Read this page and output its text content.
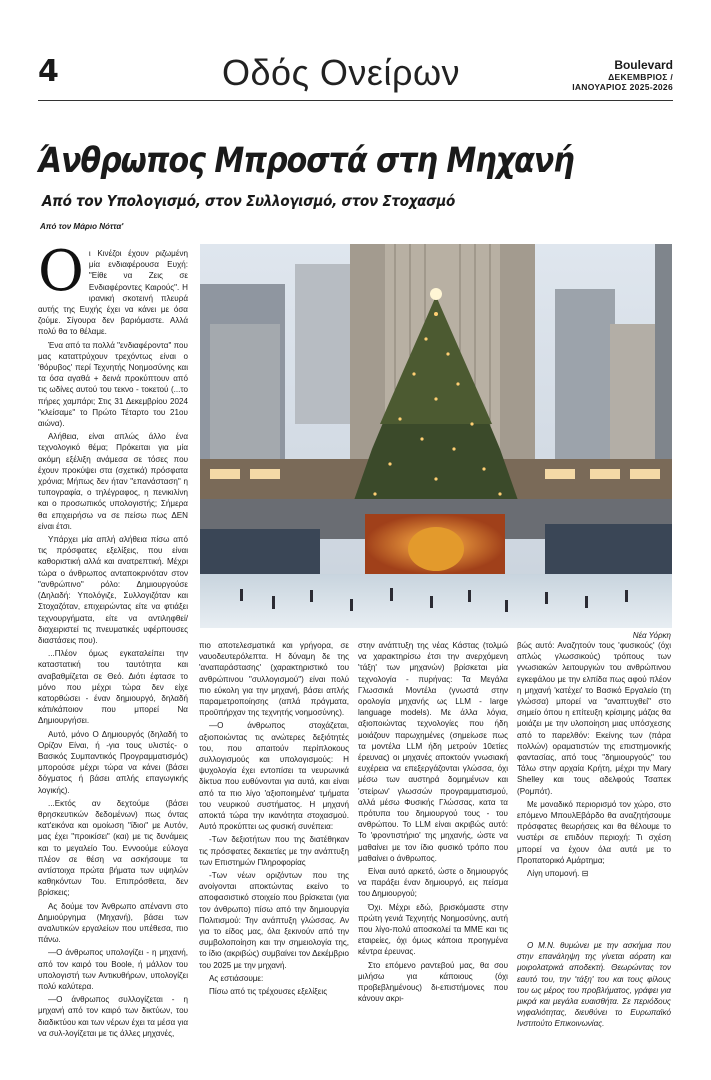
4	Οδός Ονείρων	Boulevard
ΔΕΚΕΜΒΡΙΟΣ /
ΙΑΝΟΥΑΡΙΟΣ 2025-2026
Άνθρωπος Μπροστά στη Μηχανή
Από τον Υπολογισμό, στον Συλλογισμό, στον Στοχασμό
Από τον Μάριο Νόττα'
Νέα Υόρκη
Ο ι Κινέζοι έχουν ριζωμένη μία ενδιαφέρουσα Ευχή: "Είθε να Ζεις σε Ενδιαφέροντες Καιρούς". Η ιρανική σκοτεινή πλευρά αυτής της Ευχής έχει να κάνει με όσα ζούμε. Σίγουρα δεν βαριόμαστε. Αλλά πολύ θα το θέλαμε.

Ένα από τα πολλά "ενδιαφέροντα" που μας καταττρύχουν τρεχόντως είναι ο 'θόρυβος' περί Τεχνητής Νοημοσύνης και τα όσα αγαθά + δεινά προκύπτουν από τις ωδίνες αυτού του τεκνο - τοκετού (...το πήρες χαμπάρι; Στις 31 Δεκεμβρίου 2024 "κλείσαμε" το Πρώτο Τέταρτο του 21ου αιώνα).

Αλήθεια, είναι απλώς άλλο ένα τεχνολογικό θέμα; Πρόκειται για μία ακόμη εξέλιξη ανάμεσα σε τόσες που έχουν προκύψει στα (σχετικά) πρόσφατα χρόνια; Μήπως δεν ήταν "επανάσταση" η τυπογραφία, ο τηλέγραφος, η πενικιλίνη και ο προσωπικός υπολογιστής; Σήμερα θα επιχειρήσω να σε πείσω πως ΔΕΝ είναι έτσι.

Υπάρχει μία απλή αλήθεια πίσω από τις πρόσφατες εξελίξεις, που είναι καθοριστική αλλά και ανατρεπτική. Μέχρι τώρα ο άνθρωπος ανταποκρινόταν στον "ανθρώπινο" ρόλο: Δημιουργούσε (Δηλαδή: Υπολόγιζε, Συλλογιζόταν και Στοχαζόταν, επιχειρώντας είτε να φτιάξει τεχνουργήματα, είτε να αντιληφθεί/διαχειριστεί τις πνευματικές υφέρπουσες διαστάσεις που).

...Πλέον όμως εγκαταλείπει την καταστατική του ταυτότητα και αναβαθμίζεται σε Θεό. Διότι έφτασε το μόνο που μέχρι τώρα δεν είχε κατορθώσει - έναν δημιουργό, δηλαδή κάτι/κάποιον που μπορεί Να Δημιουργήσει.

Αυτό, μόνο Ο Δημιουργός (δηλαδή το Ορίζον Είναι, ή -για τους υλιστές- ο Βασικός Συμπαντικός Προγραμματισμός) μπορούσε μέχρι τώρα να κάνει (βάσει δόγματος ή βάσει απλής επαγωγικής λογικής).

...Εκτός αν δεχτούμε (βάσει θρησκευτικών δεδομένων) πως όντας κατ'εικόνα και ομοίωση "ίδιοι" με Αυτόν, μας έχει "προικίσει" (και) με τις δυνάμεις και το μεγαλείο Του. Εννοούμε εύλογα πλέον σε θέση να ασκήσουμε τα αντίστοιχα πρώτα βήματα των υψηλών καθηκόντων Του. Επιπρόσθετα, δεν βρίσκεις;

Ας δούμε τον Άνθρωπο απέναντι στο Δημιούργημα (Μηχανή), βάσει των αναλυτικών εργαλείων που υπέθεσα, πιο πάνω.

—Ο άνθρωπος υπολογίζει - η μηχανή, από τον καιρό του Boole, ή μάλλον του υπολογιστή των Αντικυθήρων, υπολογίζει πολύ καλύτερα.

—Ο άνθρωπος συλλογίζεται - η μηχανή από τον καιρό των δικτύων, του διαδικτύου και των νέρων έχει τα μέσα για να συλ-λογίζεται με τις άλλες μηχανές,

πιο αποτελεσματικά και γρήγορα, σε ναυοδευτερόλεπτα. Η δύναμη δε της 'αναπαράστασης' (χαρακτηριστικό του ανθρώπινου "συλλογισμού") είναι πολύ πιο εύκολη για την μηχανή, βάσει απλής παραμετροποίησης (απλά πράγματα, προϋπήρχαν της τεχνητής νοημοσύνης).

—Ο άνθρωπος στοχάζεται, αξιοποιώντας τις ανώτερες δεξιότητές του, που απαιτούν περίπλοκους συλλογισμούς και υπολογισμούς: Η ψυχολογία έχει εντοπίσει τα νευρωνικά δίκτυα που ευθύνονται για αυτά, και είναι από τα πιο λίγο 'αξιοποιημένα' τμήματα του νευρικού συστήματος. Η μηχανή αποκτά τώρα την ικανότητα στοχασμού. Αυτό προκύπτει ως φυσική συνέπεια:

-Των δεξιοτήτων που της διατέθηκαν τις πρόσφατες δεκαετίες με την ανάπτυξη των Επιστημών Πληροφορίας

-Των νέων οριζόντων που της ανοίγονται αποκτώντας εκείνο το αποφασιστικό στοιχείο που βρίσκεται (για τον άνθρωπο) πίσω από την δημιουργία Πολιτισμού: Την ανάπτυξη γλώσσας. Αν για το είδος μας, όλα ξεκινούν από την συμβολοποίηση και την σημειολογία της, το ίδιο (ακριβώς) συμβαίνει τον Δεκέμβριο του 2025 με την μηχανή.

Ας εστιάσουμε:

Πίσω από τις τρέχουσες εξελίξεις

στην ανάπτυξη της νέας Κάστας (τολμώ να χαρακτηρίσω έτσι την ανερχόμενη 'τάξη' των μηχανών) βρίσκεται μία τεχνολογία - πυρήνας: Τα Μεγάλα Γλωσσικά Μοντέλα (γνωστά στην ορολογία μηχανής ως LLM - large language models). Με άλλα λόγια, αξιοποιώντας τεχνολογίες που ήδη μοιάζουν παρωχημένες (σημείωσε πως τα μοντέλα LLM ήδη μετρούν 10ετίες έρευνας) οι μηχανές αποκτούν γνωσιακή ευχέρεια να επεξεργάζονται γλώσσα, όχι μέσω των αυστηρά δομημένων και 'στείρων' γλωσσών προγραμματισμού, αλλά μέσω Φυσικής Γλώσσας, κατα τα πρότυπα του δημιουργού τους - του ανθρώπου. Το LLM είναι ακριβώς αυτό: Το 'φροντιστήριο' της μηχανής, ώστε να μαθαίνει με τον ίδιο φυσικό τρόπο που μαθαίνει ο άνθρωπος.

Είναι αυτό αρκετό, ώστε ο δημιουργός να παράξει έναν δημιουργό, εις πείσμα του Δημιουργού;

Όχι. Μέχρι εδώ, βρισκόμαστε στην πρώτη γενιά Τεχνητής Νοημοσύνης, αυτή που λίγο-πολύ αποσκολεί τα ΜΜΕ και τις εταιρείες, όχι όμως κάποια προηγμένα κέντρα έρευνας.

Στο επόμενο ραντεβού μας, θα σου μιλήσω για κάποιους (όχι προβεβλημένους) δι-επιστήμονες που κάνουν ακρι-

βώς αυτό: Αναζητούν τους 'φυσικούς' (όχι απλώς γλωσσικούς) τρόπους των γνωσιακών λειτουργιών του ανθρώπινου εγκεφάλου με την ελπίδα πως αφού πλέον η μηχανή 'κατέχει' το Βασικό Εργαλείο (τη γλώσσα) μπορεί να "αναπτυχθεί" στο σημείο όπου η επίτευξη κρίσιμης μάζας θα μοιάζει με την υλοποίηση μιας υπόσχεσης από το παρελθόν: Εκείνης των (πάρα πολλών) οραματιστών της επιστημονικής φαντασίας, από τους "δημιουργούς" του Τάλω στην αρχαία Κρήτη, μέχρι την Mary Shelley και τους αδελφούς Τσαπεκ (Ρομπότ).

Με μοναδικό περιορισμό τον χώρο, στο επόμενο ΜπουλΕβάρδο θα αναζητήσουμε πρόσφατες θεωρήσεις και θα θέλουμε το νυστέρι σε επιδόυν περιοχή: Τι σχέση μπορεί να έχουν όλα αυτά με το Προπατορικό Αμάρτημα;

Λίγη υπομονή. ⊟

Ο Μ.Ν. θυμώνει με την ασκήμια που στην επανάληψη της γίνεται αόρατη και μοιρολατρικά αποδεκτή. Θεωρώντας τον εαυτό του, την 'τάξη' του και τους φίλους του ως μέρος του προβλήματος, γράφει για μικρά και μεγάλα ευαισθήτα. Σε περιόδους νηφαλιότητας, διευθύνει το Ευρωπαϊκό Ινστιτούτο Επικοινωνίας.
